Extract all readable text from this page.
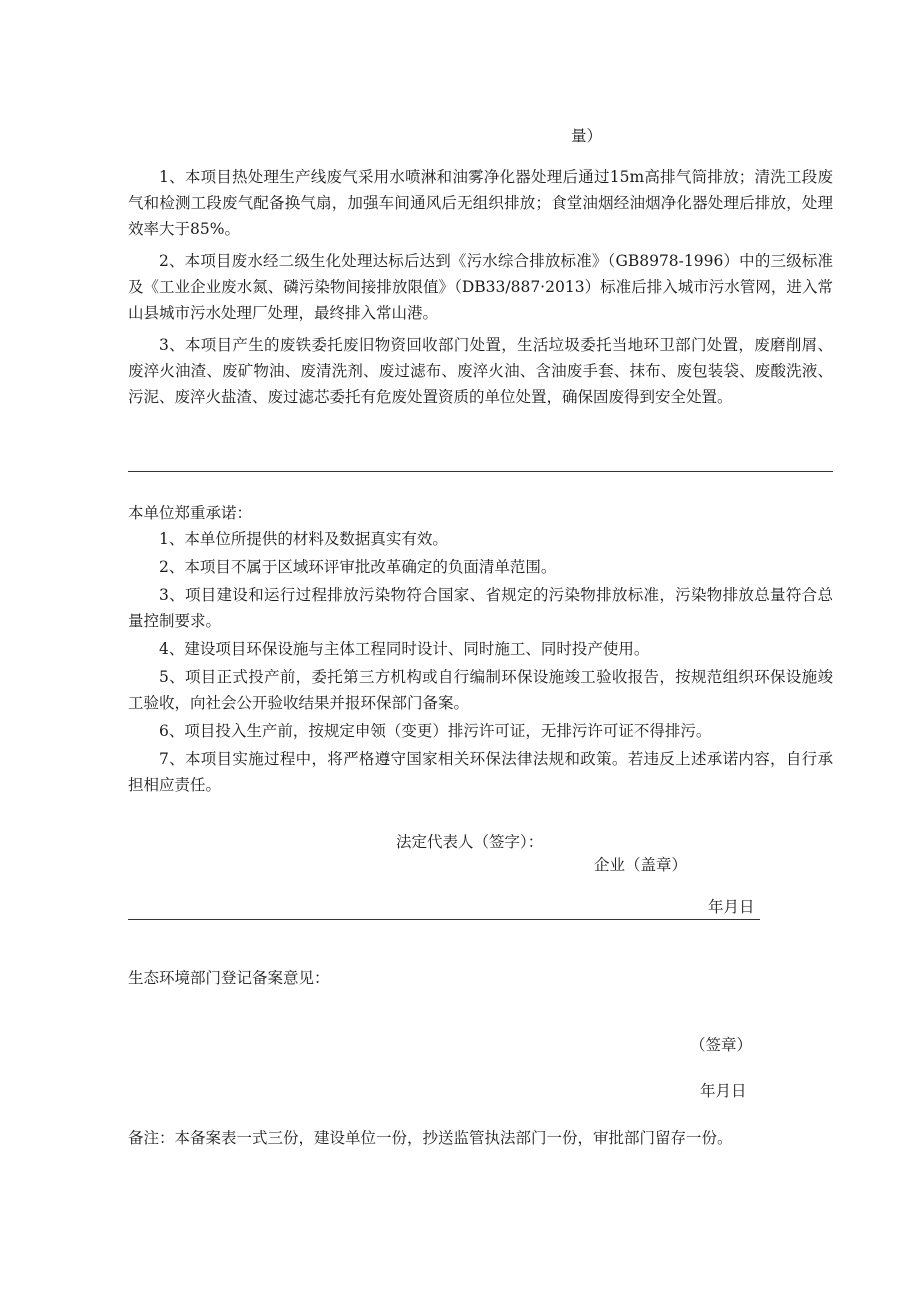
量）

1、本项目热处理生产线废气采用水喷淋和油雾净化器处理后通过15m高排气筒排放；清洗工段废气和检测工段废气配备换气扇，加强车间通风后无组织排放；食堂油烟经油烟净化器处理后排放，处理效率大于85%。

2、本项目废水经二级生化处理达标后达到《污水综合排放标准》（GB8978-1996）中的三级标准及《工业企业废水氮、磷污染物间接排放限值》（DB33/887·2013）标准后排入城市污水管网，进入常山县城市污水处理厂处理，最终排入常山港。

3、本项目产生的废铁委托废旧物资回收部门处置，生活垃圾委托当地环卫部门处置，废磨削屑、废淬火油渣、废矿物油、废清洗剂、废过滤布、废淬火油、含油废手套、抹布、废包装袋、废酸洗液、污泥、废淬火盐渣、废过滤芯委托有危废处置资质的单位处置，确保固废得到安全处置。

本单位郑重承诺：

1、本单位所提供的材料及数据真实有效。

2、本项目不属于区域环评审批改革确定的负面清单范围。

3、项目建设和运行过程排放污染物符合国家、省规定的污染物排放标准，污染物排放总量符合总量控制要求。

4、建设项目环保设施与主体工程同时设计、同时施工、同时投产使用。

5、项目正式投产前，委托第三方机构或自行编制环保设施竣工验收报告，按规范组织环保设施竣工验收，向社会公开验收结果并报环保部门备案。

6、项目投入生产前，按规定申领（变更）排污许可证，无排污许可证不得排污。

7、本项目实施过程中，将严格遵守国家相关环保法律法规和政策。若违反上述承诺内容，自行承担相应责任。

法定代表人（签字）：
企业（盖章）
年月日
生态环境部门登记备案意见：
（签章）
年月日
备注：本备案表一式三份，建设单位一份，抄送监管执法部门一份，审批部门留存一份。
